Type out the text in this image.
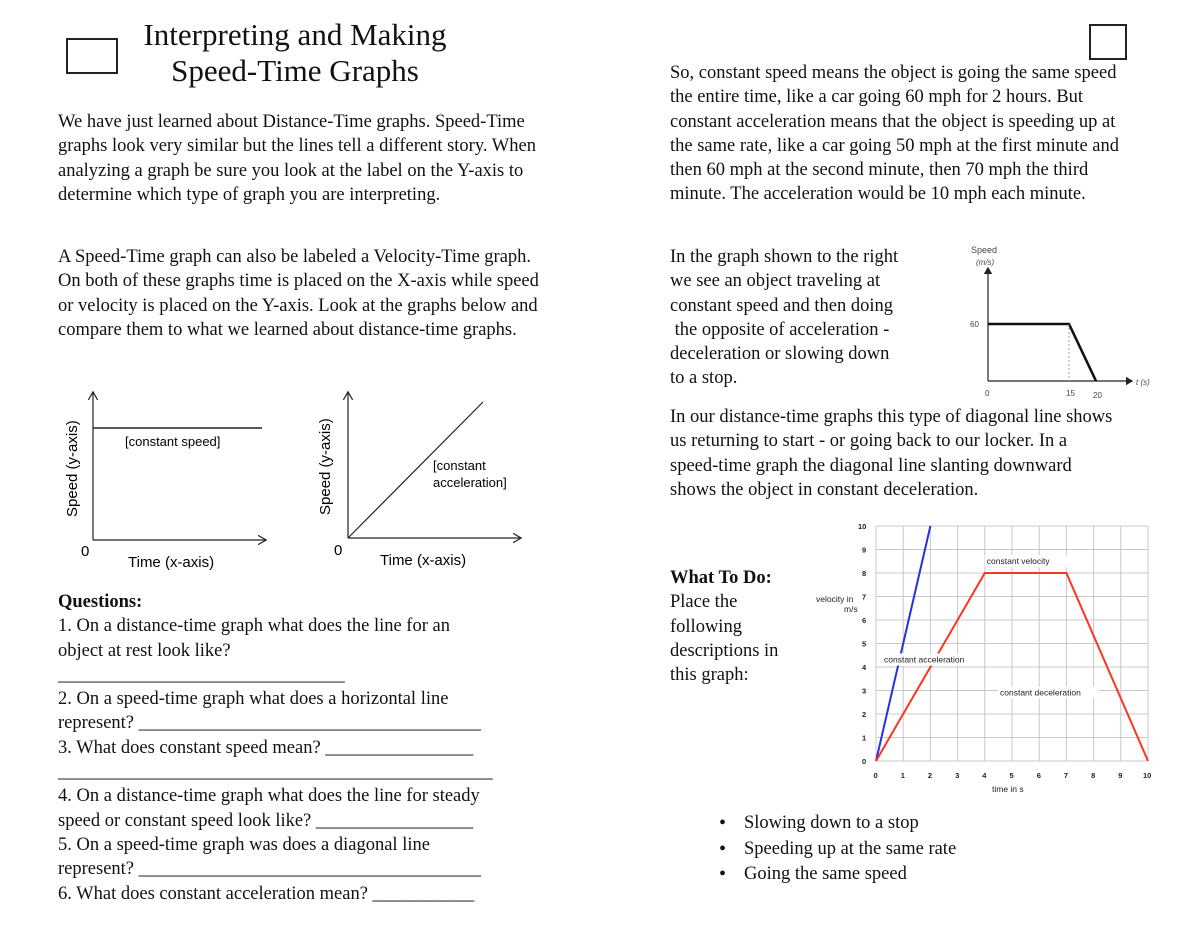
Interpreting and Making
Speed-Time Graphs

We have just learned about Distance-Time graphs. Speed-Time graphs look very similar but the lines tell a different story. When analyzing a graph be sure you look at the label on the Y-axis to determine which type of graph you are interpreting.

A Speed-Time graph can also be labeled a Velocity-Time graph. On both of these graphs time is placed on the X-axis while speed or velocity is placed on the Y-axis. Look at the graphs below and compare them to what we learned about distance-time graphs.

[constant speed]
0
Time (x-axis)
Speed (y-axis)	[constant
acceleration]
0
Time (x-axis)
Speed (y-axis)
Questions:
1. On a distance-time graph what does the line for an
object at rest look like?
_______________________________
2. On a speed-time graph what does a horizontal line
represent? _____________________________________
3. What does constant speed mean? ________________
_______________________________________________
4. On a distance-time graph what does the line for steady
speed or constant speed look like? _________________
5. On a speed-time graph was does a diagonal line
represent? _____________________________________
6. What does constant acceleration mean? ___________

So, constant speed means the object is going the same speed the entire time, like a car going 60 mph for 2 hours. But constant acceleration means that the object is speeding up at the same rate, like a car going 50 mph at the first minute and then 60 mph at the second minute, then 70 mph the third minute. The acceleration would be 10 mph each minute.

In the graph shown to the right
we see an object traveling at
constant speed and then doing
the opposite of acceleration -
deceleration or slowing down
to a stop.
0	15 20
60
Speed
(m/s)
t (s)

In our distance-time graphs this type of diagonal line shows us returning to start - or going back to our locker. In a speed-time graph the diagonal line slanting downward shows the object in constant deceleration.

What To Do:
Place the
following
descriptions in
this graph:
0	1	2	3	4	5	6	7	8	9	10
0
1
2
3
4
5
6
7
8
9
10
constant velocity
constant acceleration
constant deceleration
velocity in
m/s
time in s
• Slowing down to a stop
• Speeding up at the same rate
• Going the same speed
